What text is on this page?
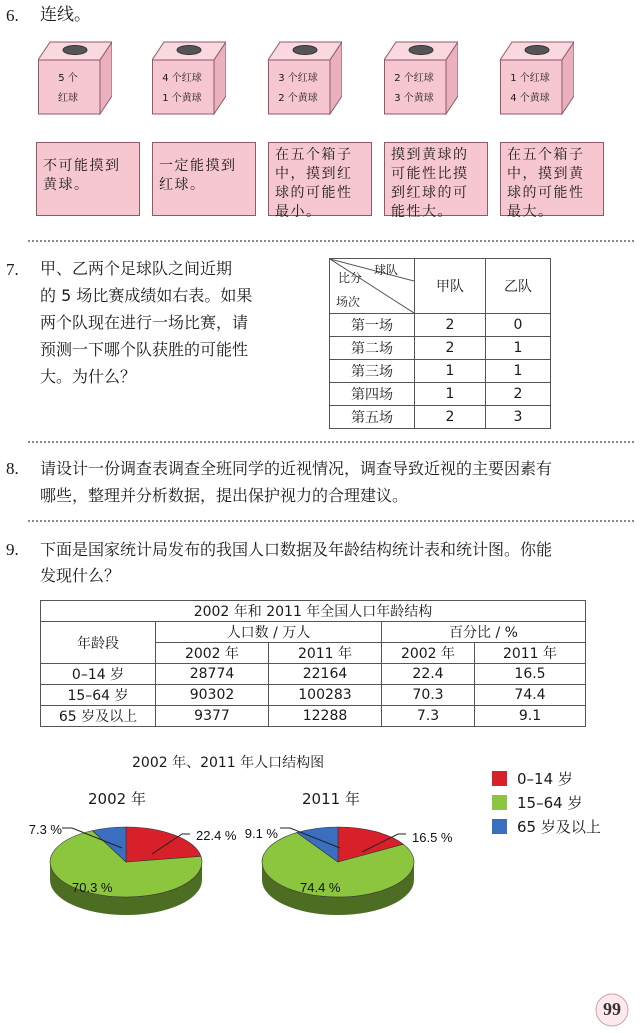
6. 连线。
5 个
红球
4 个红球
1 个黄球
3 个红球
2 个黄球
2 个红球
3 个黄球
1 个红球
4 个黄球
不可能摸到黄球。
一定能摸到红球。
在五个箱子中，摸到红球的可能性最小。
摸到黄球的可能性比摸到红球的可能性大。
在五个箱子中，摸到黄球的可能性最大。
7. 甲、乙两个足球队之间近期
的 5 场比赛成绩如右表。如果
两个队现在进行一场比赛，请
预测一下哪个队获胜的可能性
大。为什么？
球队
比分
场次	甲队	乙队
第一场	2	0
第二场	2	1
第三场	1	1
第四场	1	2
第五场	2	3
8. 请设计一份调查表调查全班同学的近视情况，调查导致近视的主要因素有
哪些，整理并分析数据，提出保护视力的合理建议。
9. 下面是国家统计局发布的我国人口数据及年龄结构统计表和统计图。你能
发现什么？
2002 年和 2011 年全国人口年龄结构				
年龄段	人口数 / 万人		百分比 / %	
	2002 年	2011 年	2002 年	2011 年
0–14 岁	28774	22164	22.4	16.5
15–64 岁	90302	100283	70.3	74.4
65 岁及以上	9377	12288	7.3	9.1
2002 年、2011 年人口结构图
2002 年	2011 年
0–14 岁
15–64 岁
65 岁及以上
22.4 %
7.3 %
70.3 %
16.5 %
9.1 %
74.4 %
99
